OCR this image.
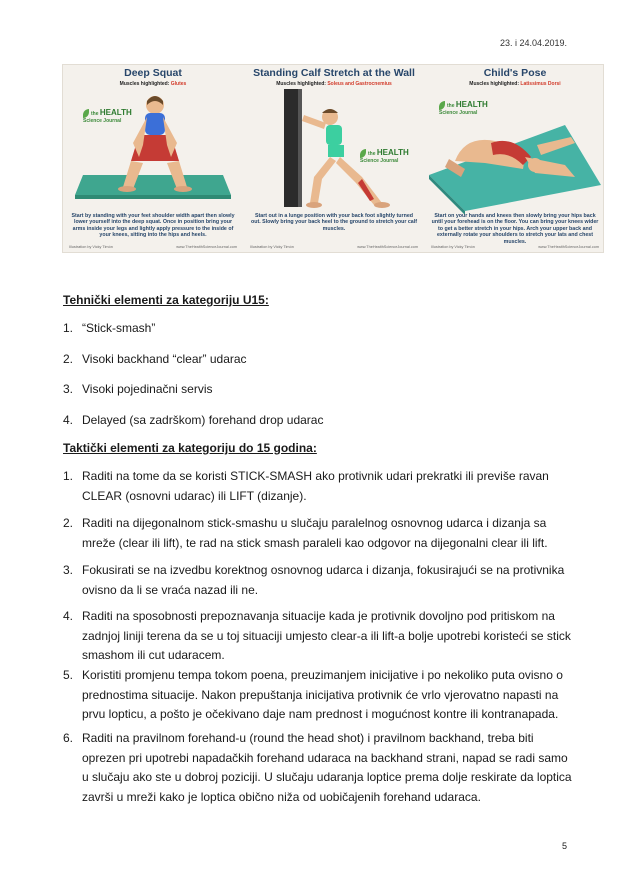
23. i 24.04.2019.
Deep Squat
Muscles highlighted: Glutes
the HEALTH
Science Journal
Start by standing with your feet shoulder width apart then slowly lower yourself into the deep squat. Once in position bring your arms inside your legs and lightly apply pressure to the inside of your knees, sitting into the hips and heels.
Illustration by Vicky Timón	www.TheHealthScienceJournal.com
Standing Calf Stretch at the Wall
Muscles highlighted: Soleus and Gastrocnemius
the HEALTH
Science Journal
Start out in a lunge position with your back foot slightly turned out. Slowly bring your back heel to the ground to stretch your calf muscles.
Illustration by Vicky Timón	www.TheHealthScienceJournal.com
Child's Pose
Muscles highlighted: Latissimus Dorsi
the HEALTH
Science Journal
Start on your hands and knees then slowly bring your hips back until your forehead is on the floor. You can bring your knees wider to get a better stretch in your hips. Arch your upper back and externally rotate your shoulders to stretch your lats and chest muscles.
Illustration by Vicky Timón	www.TheHealthScienceJournal.com
Tehnički elementi za kategoriju U15:
1. “Stick-smash”
2. Visoki backhand “clear” udarac
3. Visoki pojedinačni servis
4. Delayed (sa zadrškom) forehand drop udarac
Taktički elementi za kategoriju do 15 godina:
1. Raditi na tome da se koristi STICK-SMASH ako protivnik udari prekratki ili previše ravan CLEAR (osnovni udarac) ili LIFT (dizanje).
2. Raditi na dijegonalnom stick-smashu u slučaju paralelnog osnovnog udarca i dizanja sa mreže (clear ili lift), te rad na stick smash paraleli kao odgovor na dijegonalni clear ili lift.
3. Fokusirati se na izvedbu korektnog osnovnog udarca i dizanja, fokusirajući se na protivnika ovisno da li se vraća nazad ili ne.
4. Raditi na sposobnosti prepoznavanja situacije kada je protivnik dovoljno pod pritiskom na zadnjoj liniji terena da se u toj situaciji umjesto clear-a ili lift-a bolje upotrebi koristeći se stick smashom ili cut udaracem.
5. Koristiti promjenu tempa tokom poena, preuzimanjem inicijative i po nekoliko puta ovisno o prednostima situacije. Nakon prepuštanja inicijativa protivnik će vrlo vjerovatno napasti na prvu lopticu, a pošto je očekivano daje nam prednost i mogućnost kontre ili kontranapada.
6. Raditi na pravilnom forehand-u (round the head shot) i pravilnom backhand, treba biti oprezen pri upotrebi napadačkih forehand udaraca na backhand strani, napad se radi samo u slučaju ako ste u dobroj poziciji. U slučaju udaranja loptice prema dolje reskirate da loptica završi u mreži kako je loptica obično niža od uobičajenih forehand udaraca.
5
